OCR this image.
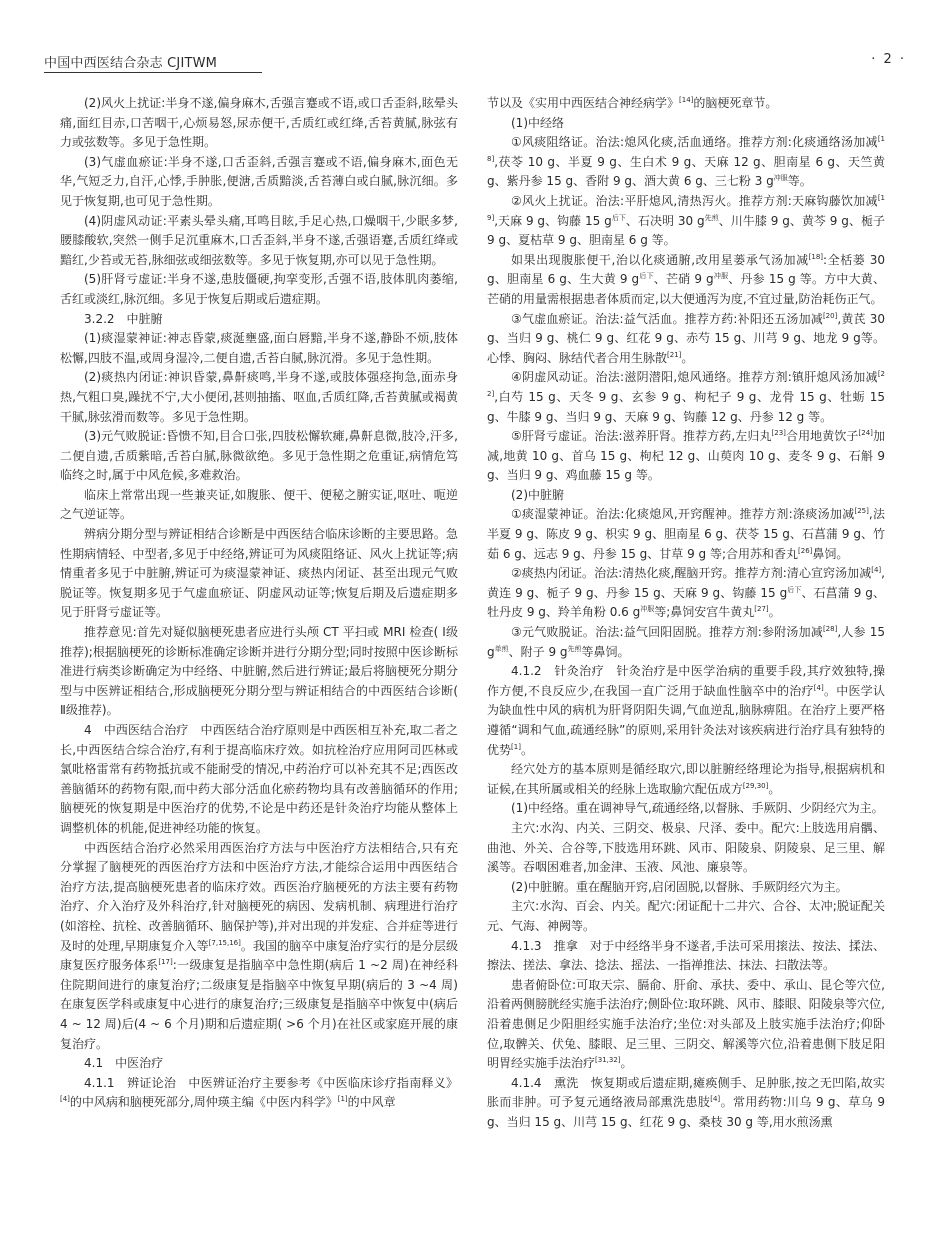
中国中西医结合杂志 CJITWM	· 2 ·

(2)风火上扰证:半身不遂,偏身麻木,舌强言蹇或不语,或口舌歪斜,眩晕头痛,面红目赤,口苦咽干,心烦易怒,尿赤便干,舌质红或红绛,舌苔黄腻,脉弦有力或弦数等。多见于急性期。

(3)气虚血瘀证:半身不遂,口舌歪斜,舌强言蹇或不语,偏身麻木,面色无华,气短乏力,自汗,心悸,手肿胀,便溏,舌质黯淡,舌苔薄白或白腻,脉沉细。多见于恢复期,也可见于急性期。

(4)阴虚风动证:平素头晕头痛,耳鸣目眩,手足心热,口燥咽干,少眠多梦,腰膝酸软,突然一侧手足沉重麻木,口舌歪斜,半身不遂,舌强语蹇,舌质红绛或黯红,少苔或无苔,脉细弦或细弦数等。多见于恢复期,亦可以见于急性期。

(5)肝肾亏虚证:半身不遂,患肢僵硬,拘挛变形,舌强不语,肢体肌肉萎缩,舌红或淡红,脉沉细。多见于恢复后期或后遗症期。

3.2.2　中脏腑

(1)痰湿蒙神证:神志昏蒙,痰涎壅盛,面白唇黯,半身不遂,静卧不烦,肢体松懈,四肢不温,或周身湿冷,二便自遗,舌苔白腻,脉沉滑。多见于急性期。

(2)痰热内闭证:神识昏蒙,鼻鼾痰鸣,半身不遂,或肢体强痉拘急,面赤身热,气粗口臭,躁扰不宁,大小便闭,甚则抽搐、呕血,舌质红降,舌苔黄腻或褐黄干腻,脉弦滑而数等。多见于急性期。

(3)元气败脱证:昏愦不知,目合口张,四肢松懈软瘫,鼻鼾息微,肢冷,汗多,二便自遗,舌质紫暗,舌苔白腻,脉微欲绝。多见于急性期之危重证,病情危笃临终之时,属于中风危候,多难救治。

临床上常常出现一些兼夹证,如腹胀、便干、便秘之腑实证,呕吐、呃逆之气逆证等。

辨病分期分型与辨证相结合诊断是中西医结合临床诊断的主要思路。急性期病情轻、中型者,多见于中经络,辨证可为风痰阻络证、风火上扰证等;病情重者多见于中脏腑,辨证可为痰湿蒙神证、痰热内闭证、甚至出现元气败脱证等。恢复期多见于气虚血瘀证、阴虚风动证等;恢复后期及后遗症期多见于肝肾亏虚证等。

推荐意见:首先对疑似脑梗死患者应进行头颅 CT 平扫或 MRI 检查( Ⅰ级推荐);根据脑梗死的诊断标准确定诊断并进行分期分型;同时按照中医诊断标准进行病类诊断确定为中经络、中脏腑,然后进行辨证;最后将脑梗死分期分型与中医辨证相结合,形成脑梗死分期分型与辨证相结合的中西医结合诊断( Ⅱ级推荐)。

4　中西医结合治疗　中西医结合治疗原则是中西医相互补充,取二者之长,中西医结合综合治疗,有利于提高临床疗效。如抗栓治疗应用阿司匹林或氯吡格雷常有药物抵抗或不能耐受的情况,中药治疗可以补充其不足;西医改善脑循环的药物有限,而中药大部分活血化瘀药物均具有改善脑循环的作用;脑梗死的恢复期是中医治疗的优势,不论是中药还是针灸治疗均能从整体上调整机体的机能,促进神经功能的恢复。

中西医结合治疗必然采用西医治疗方法与中医治疗方法相结合,只有充分掌握了脑梗死的西医治疗方法和中医治疗方法,才能综合运用中西医结合治疗方法,提高脑梗死患者的临床疗效。西医治疗脑梗死的方法主要有药物治疗、介入治疗及外科治疗,针对脑梗死的病因、发病机制、病理进行治疗(如溶栓、抗栓、改善脑循环、脑保护等),并对出现的并发症、合并症等进行及时的处理,早期康复介入等[7,15,16]。我国的脑卒中康复治疗实行的是分层级康复医疗服务体系[17]:一级康复是指脑卒中急性期(病后 1 ~2 周)在神经科住院期间进行的康复治疗;二级康复是指脑卒中恢复早期(病后的 3 ~4 周)在康复医学科或康复中心进行的康复治疗;三级康复是指脑卒中恢复中(病后 4 ~ 12 周)后(4 ~ 6 个月)期和后遗症期( >6 个月)在社区或家庭开展的康复治疗。

4.1　中医治疗

4.1.1　辨证论治　中医辨证治疗主要参考《中医临床诊疗指南释义》[4]的中风病和脑梗死部分,周仲瑛主编《中医内科学》[1]的中风章

节以及《实用中西医结合神经病学》[14]的脑梗死章节。

(1)中经络

①风痰阻络证。治法:熄风化痰,活血通络。推荐方剂:化痰通络汤加减[18],茯苓 10 g、半夏 9 g、生白术 9 g、天麻 12 g、胆南星 6 g、天竺黄 g、紫丹参 15 g、香附 9 g、酒大黄 6 g、三七粉 3 $g^{冲服}$等。

②风火上扰证。治法:平肝熄风,清热泻火。推荐方剂:天麻钩藤饮加减[19],天麻 9 g、钩藤 15 $g^{后下}$、石决明 30 $g^{先煎}$、川牛膝 9 g、黄芩 9 g、栀子 9 g、夏枯草 9 g、胆南星 6 g 等。

如果出现腹胀便干,治以化痰通腑,改用星蒌承气汤加减[18]:全栝蒌 30 g、胆南星 6 g、生大黄 9 $g^{后下}$、芒硝 9 $g^{冲服}$、丹参 15 g 等。方中大黄、芒硝的用量需根据患者体质而定,以大便通泻为度,不宜过量,防治耗伤正气。

③气虚血瘀证。治法:益气活血。推荐方药:补阳还五汤加减[20],黄芪 30 g、当归 9 g、桃仁 9 g、红花 9 g、赤芍 15 g、川芎 9 g、地龙 9 g等。心悸、胸闷、脉结代者合用生脉散[21]。

④阴虚风动证。治法:滋阴潜阳,熄风通络。推荐方剂:镇肝熄风汤加减[22],白芍 15 g、天冬 9 g、玄参 9 g、枸杞子 9 g、龙骨 15 g、牡蛎 15 g、牛膝 9 g、当归 9 g、天麻 9 g、钩藤 12 g、丹参 12 g 等。

⑤肝肾亏虚证。治法:滋养肝肾。推荐方药,左归丸[23]合用地黄饮子[24]加减,地黄 10 g、首乌 15 g、枸杞 12 g、山萸肉 10 g、麦冬 9 g、石斛 9 g、当归 9 g、鸡血藤 15 g 等。

(2)中脏腑

①痰湿蒙神证。治法:化痰熄风,开窍醒神。推荐方剂:涤痰汤加减[25],法半夏 9 g、陈皮 9 g、枳实 9 g、胆南星 6 g、茯苓 15 g、石菖蒲 9 g、竹茹 6 g、远志 9 g、丹参 15 g、甘草 9 g 等;合用苏和香丸[26]鼻饲。

②痰热内闭证。治法:清热化痰,醒脑开窍。推荐方剂:清心宣窍汤加减[4],黄连 9 g、栀子 9 g、丹参 15 g、天麻 9 g、钩藤 15 $g^{后下}$、石菖蒲 9 g、牡丹皮 9 g、羚羊角粉 0.6 $g^{冲服}$等;鼻饲安宫牛黄丸[27]。

③元气败脱证。治法:益气回阳固脱。推荐方剂:参附汤加减[28],人参 15 $g^{单煎}$、附子 9 $g^{先煎}$等鼻饲。

4.1.2　针灸治疗　针灸治疗是中医学治病的重要手段,其疗效独特,操作方便,不良反应少,在我国一直广泛用于缺血性脑卒中的治疗[4]。中医学认为缺血性中风的病机为肝肾阴阳失调,气血逆乱,脑脉痹阻。在治疗上要严格遵循“调和气血,疏通经脉”的原则,采用针灸法对该疾病进行治疗具有独特的优势[1]。

经穴处方的基本原则是循经取穴,即以脏腑经络理论为指导,根据病机和证候,在其所属或相关的经脉上选取腧穴配伍成方[29,30]。

(1)中经络。重在调神导气,疏通经络,以督脉、手厥阴、少阴经穴为主。

主穴:水沟、内关、三阴交、极泉、尺泽、委中。配穴:上肢选用肩髃、曲池、外关、合谷等,下肢选用环跳、风市、阳陵泉、阴陵泉、足三里、解溪等。吞咽困难者,加金津、玉液、风池、廉泉等。

(2)中脏腑。重在醒脑开窍,启闭固脱,以督脉、手厥阴经穴为主。

主穴:水沟、百会、内关。配穴:闭证配十二井穴、合谷、太冲;脱证配关元、气海、神阙等。

4.1.3　推拿　对于中经络半身不遂者,手法可采用㨰法、按法、揉法、擦法、搓法、拿法、捻法、摇法、一指禅推法、抹法、扫散法等。

患者俯卧位:可取天宗、膈俞、肝俞、承扶、委中、承山、昆仑等穴位,沿着两侧膀胱经实施手法治疗;侧卧位:取环跳、风市、膝眼、阳陵泉等穴位,沿着患侧足少阳胆经实施手法治疗;坐位:对头部及上肢实施手法治疗;仰卧位,取髀关、伏兔、膝眼、足三里、三阴交、解溪等穴位,沿着患侧下肢足阳明胃经实施手法治疗[31,32]。

4.1.4　熏洗　恢复期或后遗症期,瘫痪侧手、足肿胀,按之无凹陷,故实胀而非肿。可予复元通络液局部熏洗患肢[4]。常用药物:川乌 9 g、草乌 9 g、当归 15 g、川芎 15 g、红花 9 g、桑枝 30 g 等,用水煎汤熏
